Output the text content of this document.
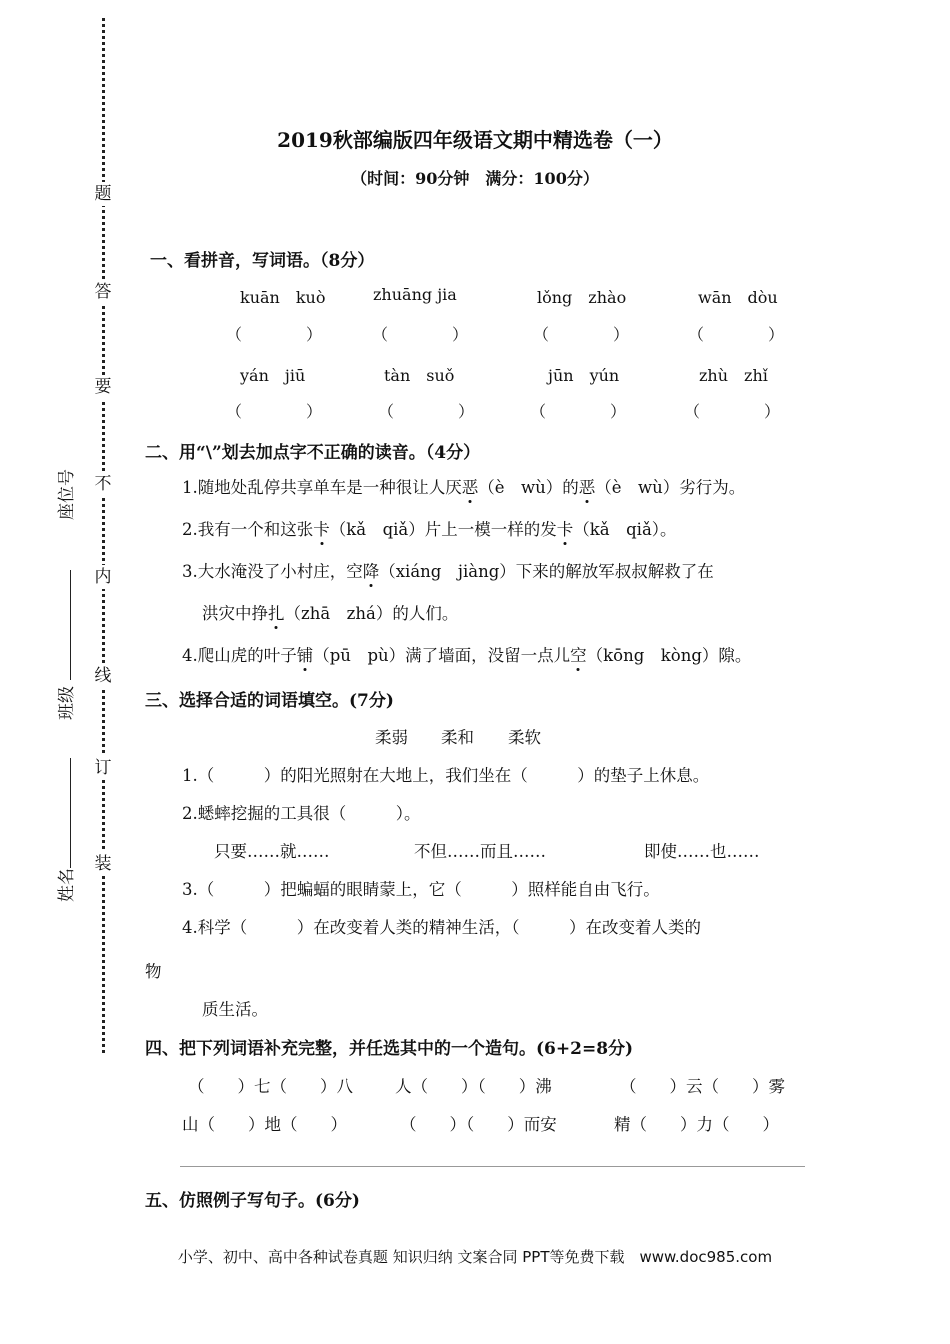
题
答
要
不
内
线
订
装
座位号
班级
姓名
2019秋部编版四年级语文期中精选卷（一）
（时间：90分钟　满分：100分）
一、看拼音，写词语。（8分）
kuān　kuò	zhuāng jia	lǒng　zhào	wān　dòu
（　　　　）	（　　　　）	（　　　　）	（　　　　）
yán　jiū	tàn　suǒ	jūn　yún	zhù　zhǐ
（　　　　）	（　　　　）	（　　　　）	（　　　　）
二、用“\”划去加点字不正确的读音。（4分）
1.随地处乱停共享单车是一种很让人厌恶（è　wù）的恶（è　wù）劣行为。
2.我有一个和这张卡（kǎ　qiǎ）片上一模一样的发卡（kǎ　qiǎ）。
3.大水淹没了小村庄，空降（xiáng　jiàng）下来的解放军叔叔解救了在
洪灾中挣扎（zhā　zhá）的人们。
4.爬山虎的叶子铺（pū　pù）满了墙面，没留一点儿空（kōng　kòng）隙。
三、选择合适的词语填空。(7分)
柔弱 柔和 柔软
1.（　　　）的阳光照射在大地上，我们坐在（　　　）的垫子上休息。
2.蟋蟀挖掘的工具很（　　　）。
只要……就……	不但……而且……	即使……也……
3.（　　　）把蝙蝠的眼睛蒙上，它（　　　）照样能自由飞行。
4.科学（　　　）在改变着人类的精神生活，（　　　）在改变着人类的
物
质生活。
四、把下列词语补充完整，并任选其中的一个造句。(6+2=8分)
（　　）七（　　）八	人（　　）（　　）沸	（　　）云（　　）雾
山（　　）地（　　）	（　　）（　　）而安	精（　　）力（　　）
五、仿照例子写句子。(6分)
小学、初中、高中各种试卷真题 知识归纳 文案合同 PPT等免费下载　www.doc985.com
